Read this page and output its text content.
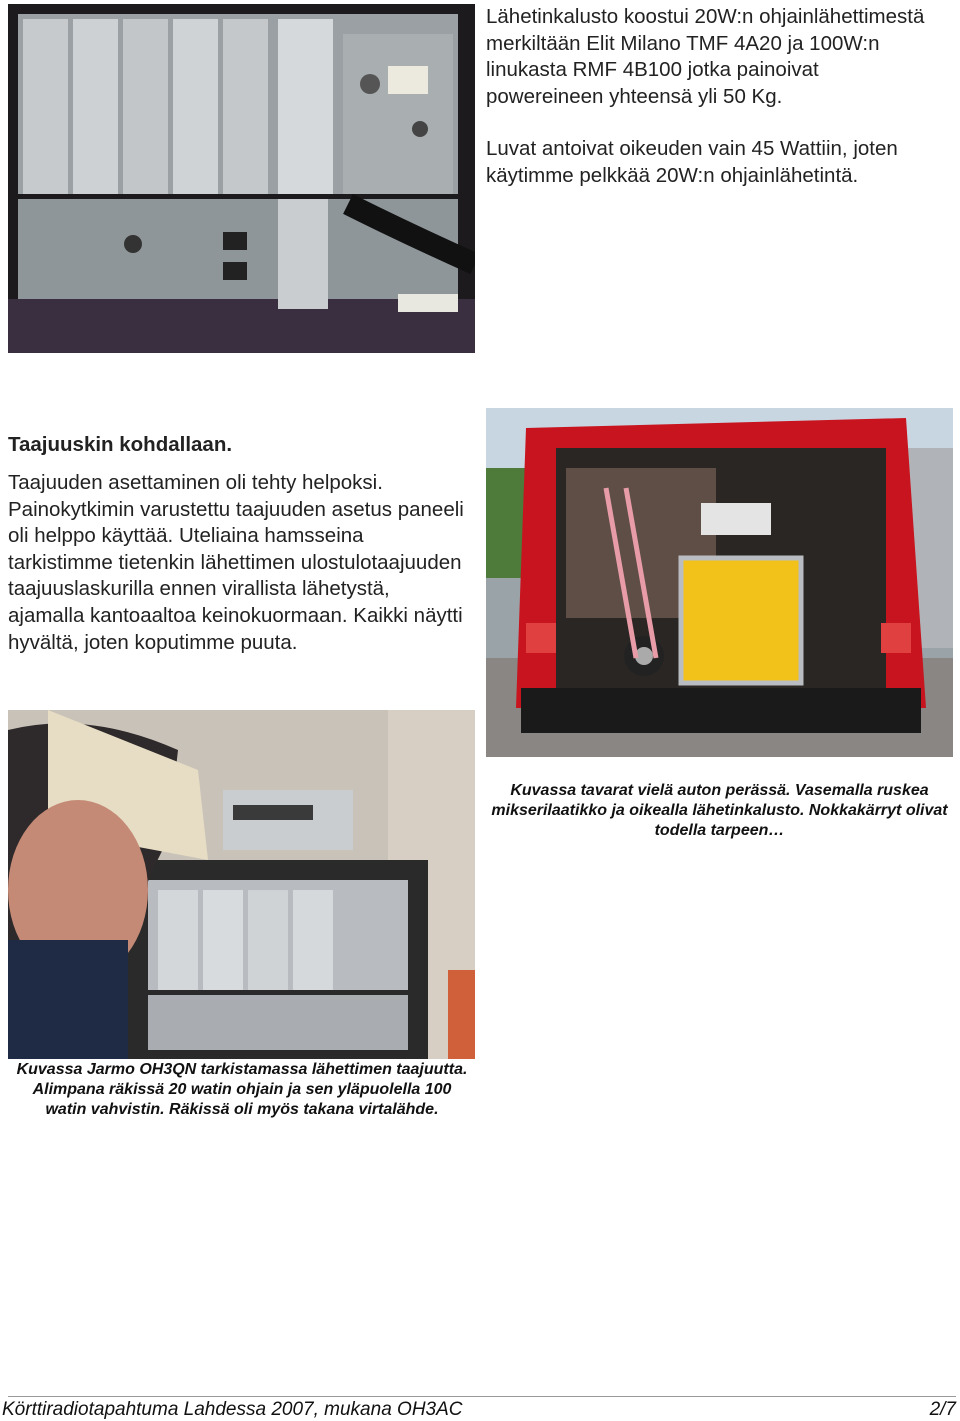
Lähetinkalusto koostui 20W:n ohjainlähettimestä merkiltään Elit Milano TMF 4A20 ja 100W:n linukasta RMF 4B100 jotka painoivat powereineen yhteensä yli 50 Kg.

Luvat antoivat oikeuden vain 45 Wattiin, joten käytimme pelkkää 20W:n ohjainlähetintä.

Taajuuskin kohdallaan.
Taajuuden asettaminen oli tehty helpoksi. Painokytkimin varustettu taajuuden asetus paneeli oli helppo käyttää. Uteliaina hamsseina tarkistimme tietenkin lähettimen ulostulotaajuuden taajuuslaskurilla ennen virallista lähetystä, ajamalla kantoaaltoa keinokuormaan. Kaikki näytti hyvältä, joten koputimme puuta.
Kuvassa tavarat vielä auton perässä. Vasemalla ruskea mikserilaatikko ja oikealla lähetinkalusto. Nokkakärryt olivat todella tarpeen…
Kuvassa Jarmo OH3QN tarkistamassa lähettimen taajuutta. Alimpana räkissä 20 watin ohjain ja sen yläpuolella 100 watin vahvistin. Räkissä oli myös takana virtalähde.
Körttiradiotapahtuma Lahdessa 2007, mukana OH3AC	2/7
